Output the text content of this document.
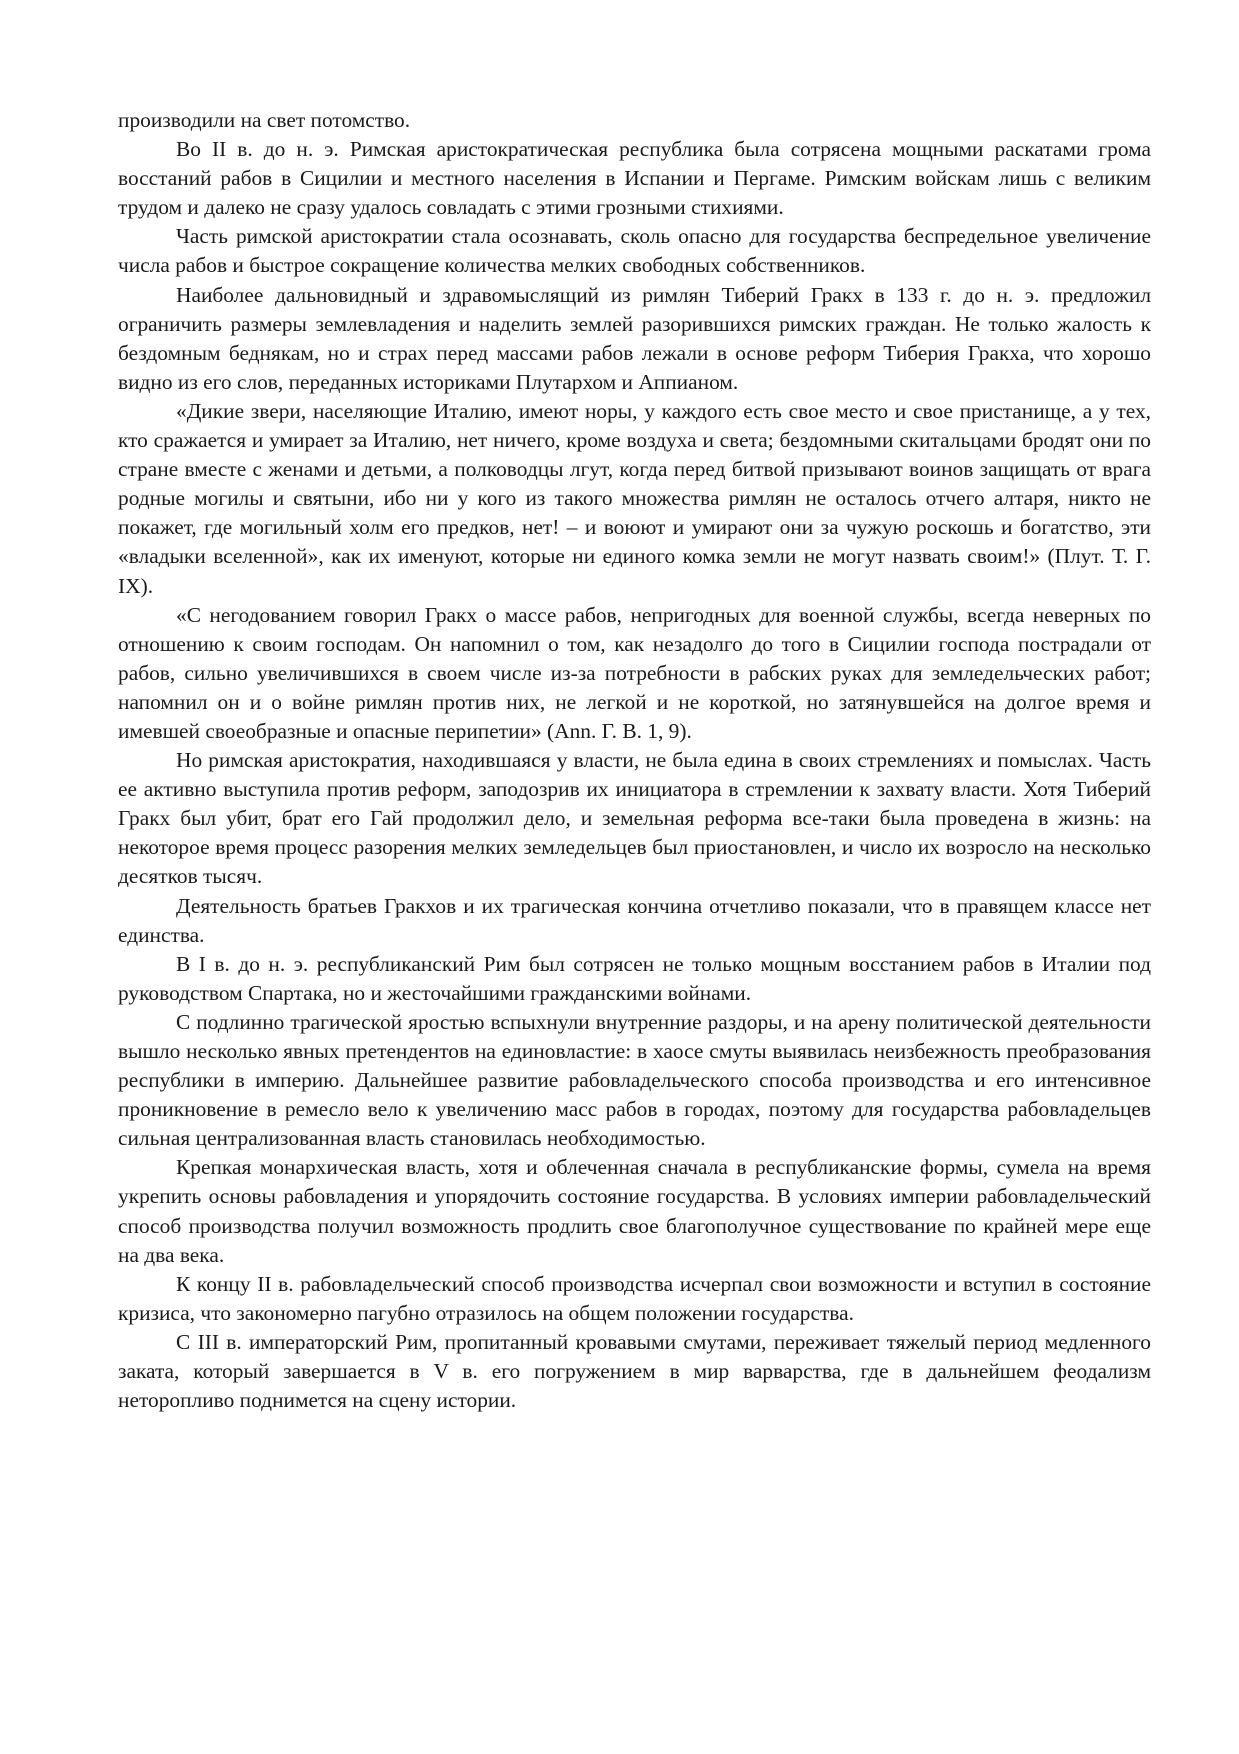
производили на свет потомство.

Во II в. до н. э. Римская аристократическая республика была сотрясена мощными раскатами грома восстаний рабов в Сицилии и местного населения в Испании и Пергаме. Римским войскам лишь с великим трудом и далеко не сразу удалось совладать с этими грозными стихиями.

Часть римской аристократии стала осознавать, сколь опасно для государства беспредельное увеличение числа рабов и быстрое сокращение количества мелких свободных собственников.

Наиболее дальновидный и здравомыслящий из римлян Тиберий Гракх в 133 г. до н. э. предложил ограничить размеры землевладения и наделить землей разорившихся римских граждан. Не только жалость к бездомным беднякам, но и страх перед массами рабов лежали в основе реформ Тиберия Гракха, что хорошо видно из его слов, переданных историками Плутархом и Аппианом.

«Дикие звери, населяющие Италию, имеют норы, у каждого есть свое место и свое пристанище, а у тех, кто сражается и умирает за Италию, нет ничего, кроме воздуха и света; бездомными скитальцами бродят они по стране вместе с женами и детьми, а полководцы лгут, когда перед битвой призывают воинов защищать от врага родные могилы и святыни, ибо ни у кого из такого множества римлян не осталось отчего алтаря, никто не покажет, где могильный холм его предков, нет! – и воюют и умирают они за чужую роскошь и богатство, эти «владыки вселенной», как их именуют, которые ни единого комка земли не могут назвать своим!» (Плут. Т. Г. IX).

«С негодованием говорил Гракх о массе рабов, непригодных для военной службы, всегда неверных по отношению к своим господам. Он напомнил о том, как незадолго до того в Сицилии господа пострадали от рабов, сильно увеличившихся в своем числе из-за потребности в рабских руках для земледельческих работ; напомнил он и о войне римлян против них, не легкой и не короткой, но затянувшейся на долгое время и имевшей своеобразные и опасные перипетии» (Ann. Г. В. 1, 9).

Но римская аристократия, находившаяся у власти, не была едина в своих стремлениях и помыслах. Часть ее активно выступила против реформ, заподозрив их инициатора в стремлении к захвату власти. Хотя Тиберий Гракх был убит, брат его Гай продолжил дело, и земельная реформа все-таки была проведена в жизнь: на некоторое время процесс разорения мелких земледельцев был приостановлен, и число их возросло на несколько десятков тысяч.

Деятельность братьев Гракхов и их трагическая кончина отчетливо показали, что в правящем классе нет единства.

В I в. до н. э. республиканский Рим был сотрясен не только мощным восстанием рабов в Италии под руководством Спартака, но и жесточайшими гражданскими войнами.

С подлинно трагической яростью вспыхнули внутренние раздоры, и на арену политической деятельности вышло несколько явных претендентов на единовластие: в хаосе смуты выявилась неизбежность преобразования республики в империю. Дальнейшее развитие рабовладельческого способа производства и его интенсивное проникновение в ремесло вело к увеличению масс рабов в городах, поэтому для государства рабовладельцев сильная централизованная власть становилась необходимостью.

Крепкая монархическая власть, хотя и облеченная сначала в республиканские формы, сумела на время укрепить основы рабовладения и упорядочить состояние государства. В условиях империи рабовладельческий способ производства получил возможность продлить свое благополучное существование по крайней мере еще на два века.

К концу II в. рабовладельческий способ производства исчерпал свои возможности и вступил в состояние кризиса, что закономерно пагубно отразилось на общем положении государства.

С III в. императорский Рим, пропитанный кровавыми смутами, переживает тяжелый период медленного заката, который завершается в V в. его погружением в мир варварства, где в дальнейшем феодализм неторопливо поднимется на сцену истории.
